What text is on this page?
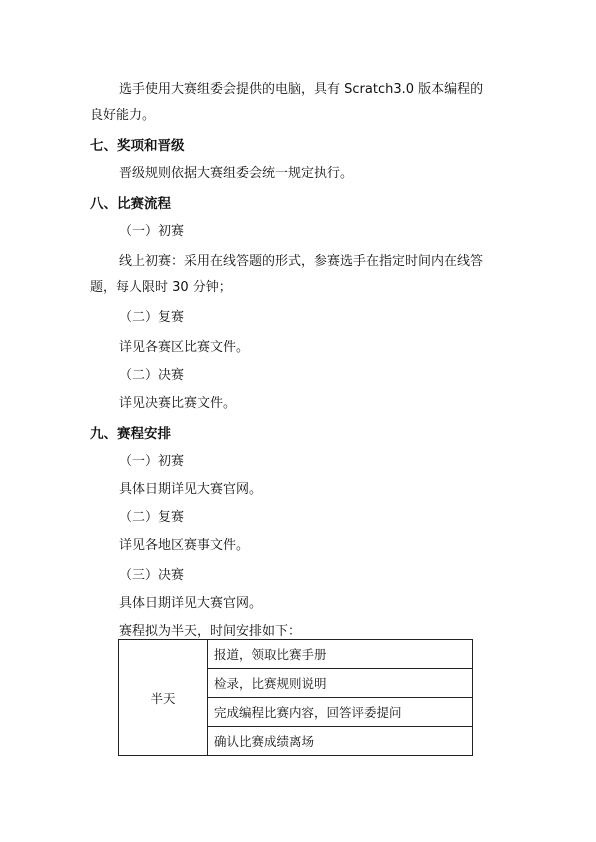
选手使用大赛组委会提供的电脑，具有 Scratch3.0 版本编程的
良好能力。
七、奖项和晋级
晋级规则依据大赛组委会统一规定执行。
八、比赛流程
（一）初赛
线上初赛：采用在线答题的形式，参赛选手在指定时间内在线答
题，每人限时 30 分钟；
（二）复赛
详见各赛区比赛文件。
（二）决赛
详见决赛比赛文件。
九、赛程安排
（一）初赛
具体日期详见大赛官网。
（二）复赛
详见各地区赛事文件。
（三）决赛
具体日期详见大赛官网。
赛程拟为半天，时间安排如下：
半天	报道，领取比赛手册
检录，比赛规则说明
完成编程比赛内容，回答评委提问
确认比赛成绩离场
